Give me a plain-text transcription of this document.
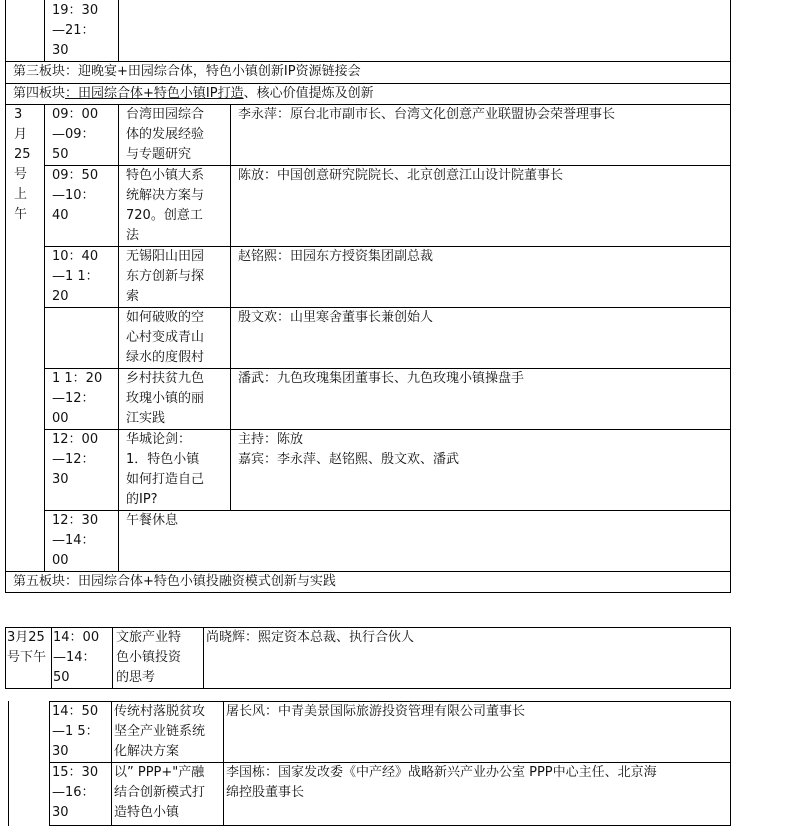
19：30
—21：
30
第三板块：迎晚宴+田园综合体，特色小镇创新IP资源链接会
第四板块：田园综合体+特色小镇IP打造、核心价值提炼及创新
3
月
25
号
上
午
09：00
—09：
50
台湾田园综合
体的发展经验
与专题研究
李永萍：原台北市副市长、台湾文化创意产业联盟协会荣誉理事长
09：50
—10：
40
特色小镇大系
统解决方案与
720。创意工
法
陈放：中国创意研究院院长、北京创意江山设计院董事长
10：40
—1 1：
20
无锡阳山田园
东方创新与探
索
赵铭熙：田园东方授资集团副总裁
如何破败的空
心村变成青山
绿水的度假村
殷文欢：山里寒舍董事长兼创始人
1 1：20
—12：
00
乡村扶贫九色
玫瑰小镇的丽
江实践
潘武：九色玫瑰集团董事长、九色玫瑰小镇操盘手
12：00
—12：
30
华城论剑：
1．特色小镇
如何打造自己
的IP?
主持：陈放
嘉宾：李永萍、赵铭熙、殷文欢、潘武
12：30
—14：
00
午餐休息
第五板块：田园综合体+特色小镇投融资模式创新与实践
3月25
号下午
14：00
—14：
50
文旅产业特
色小镇投资
的思考
尚晓辉：熙定资本总裁、执行合伙人
14：50
—1 5：
30
传统村落脱贫攻
坚全产业链系统
化解决方案
屠长风：中青美景国际旅游投资管理有限公司董事长
15：30
—16：
30
以” PPP+"产融
结合创新模式打
造特色小镇
李国栋：国家发改委《中产经》战略新兴产业办公室 PPP中心主任、北京海
绵控股董事长
